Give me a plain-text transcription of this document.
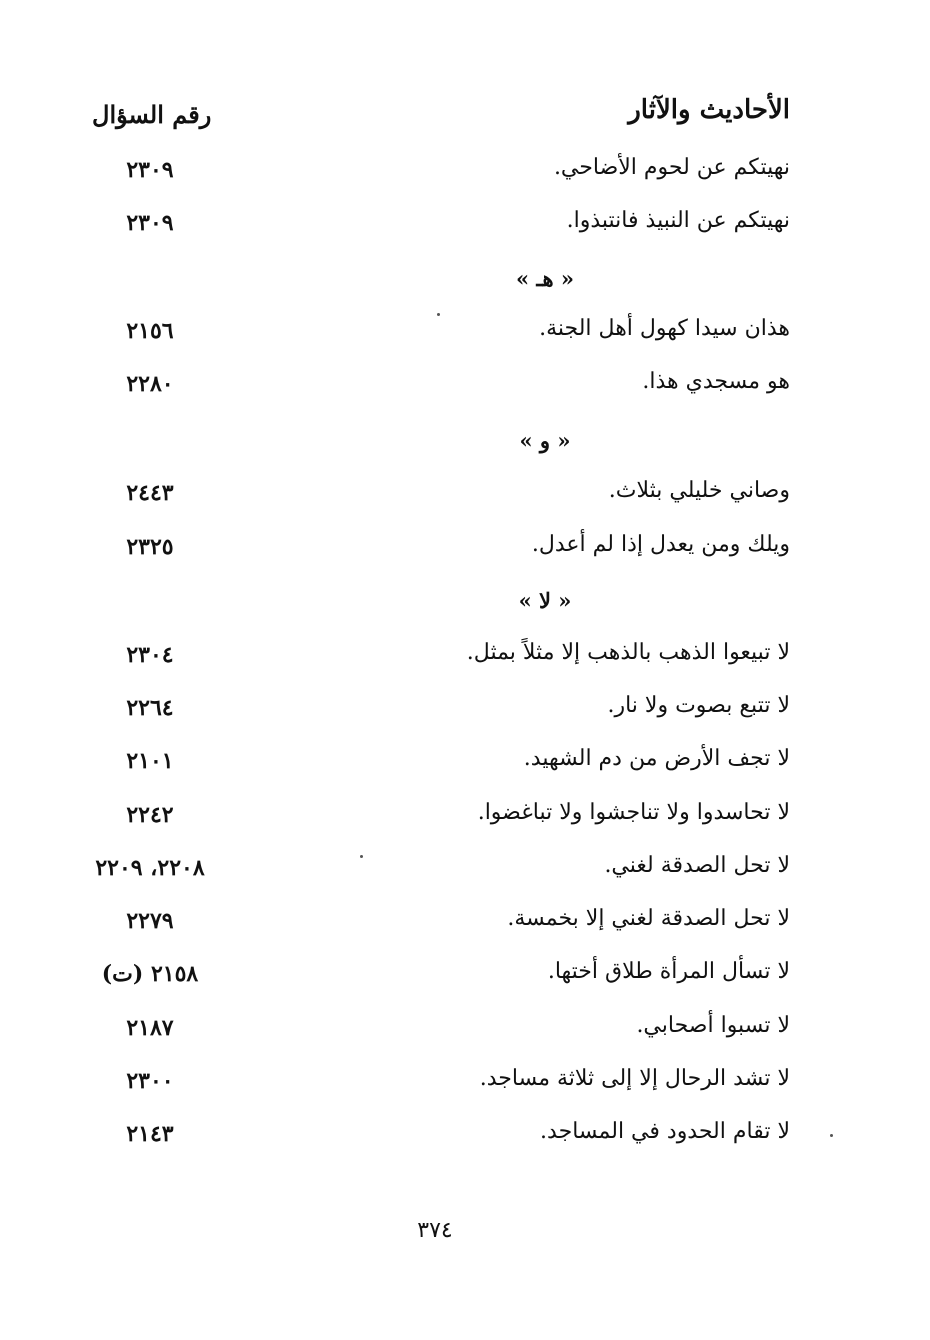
الأحاديث والآثار
رقم السؤال
نهيتكم عن لحوم الأضاحي.
٢٣٠٩
نهيتكم عن النبيذ فانتبذوا.
٢٣٠٩
« هـ »
هذان سيدا كهول أهل الجنة.
٢١٥٦
هو مسجدي هذا.
٢٢٨٠
« و »
وصاني خليلي بثلاث.
٢٤٤٣
ويلك ومن يعدل إذا لم أعدل.
٢٣٢٥
« لا »
لا تبيعوا الذهب بالذهب إلا مثلاً بمثل.
٢٣٠٤
لا تتبع بصوت ولا نار.
٢٢٦٤
لا تجف الأرض من دم الشهيد.
٢١٠١
لا تحاسدوا ولا تناجشوا ولا تباغضوا.
٢٢٤٢
لا تحل الصدقة لغني.
٢٢٠٨، ٢٢٠٩
لا تحل الصدقة لغني إلا بخمسة.
٢٢٧٩
لا تسأل المرأة طلاق أختها.
٢١٥٨ (ت)
لا تسبوا أصحابي.
٢١٨٧
لا تشد الرحال إلا إلى ثلاثة مساجد.
٢٣٠٠
لا تقام الحدود في المساجد.
٢١٤٣
٣٧٤
